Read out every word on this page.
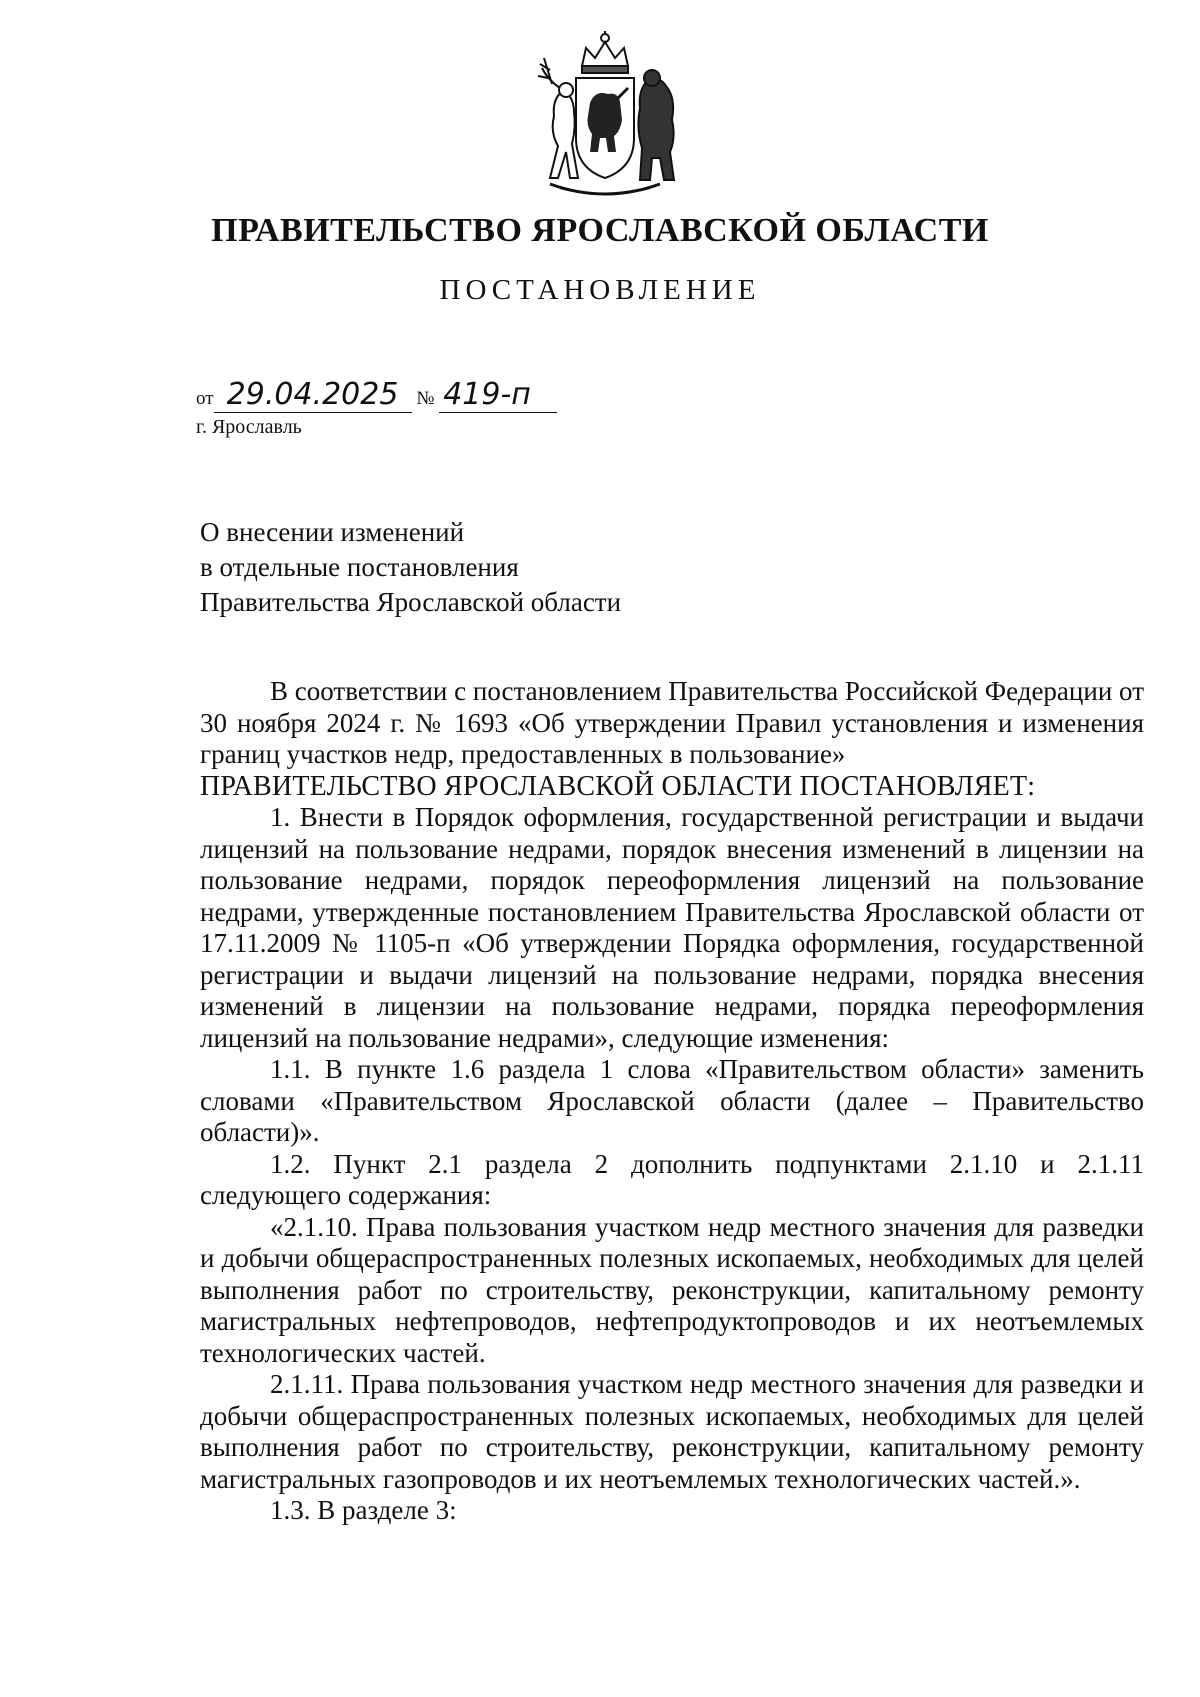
ПРАВИТЕЛЬСТВО ЯРОСЛАВСКОЙ ОБЛАСТИ
ПОСТАНОВЛЕНИЕ
от 29.04.2025 № 419-п
г. Ярославль
О внесении изменений
в отдельные постановления
Правительства Ярославской области

В соответствии с постановлением Правительства Российской Федерации от 30 ноября 2024 г. № 1693 «Об утверждении Правил установления и изменения границ участков недр, предоставленных в пользование»

ПРАВИТЕЛЬСТВО ЯРОСЛАВСКОЙ ОБЛАСТИ ПОСТАНОВЛЯЕТ:

1. Внести в Порядок оформления, государственной регистрации и выдачи лицензий на пользование недрами, порядок внесения изменений в лицензии на пользование недрами, порядок переоформления лицензий на пользование недрами, утвержденные постановлением Правительства Ярославской области от 17.11.2009 № 1105-п «Об утверждении Порядка оформления, государственной регистрации и выдачи лицензий на пользование недрами, порядка внесения изменений в лицензии на пользование недрами, порядка переоформления лицензий на пользование недрами», следующие изменения:

1.1. В пункте 1.6 раздела 1 слова «Правительством области» заменить словами «Правительством Ярославской области (далее – Правительство области)».

1.2. Пункт 2.1 раздела 2 дополнить подпунктами 2.1.10 и 2.1.11 следующего содержания:

«2.1.10. Права пользования участком недр местного значения для разведки и добычи общераспространенных полезных ископаемых, необходимых для целей выполнения работ по строительству, реконструкции, капитальному ремонту магистральных нефтепроводов, нефтепродуктопроводов и их неотъемлемых технологических частей.

2.1.11. Права пользования участком недр местного значения для разведки и добычи общераспространенных полезных ископаемых, необходимых для целей выполнения работ по строительству, реконструкции, капитальному ремонту магистральных газопроводов и их неотъемлемых технологических частей.».

1.3. В разделе 3:
